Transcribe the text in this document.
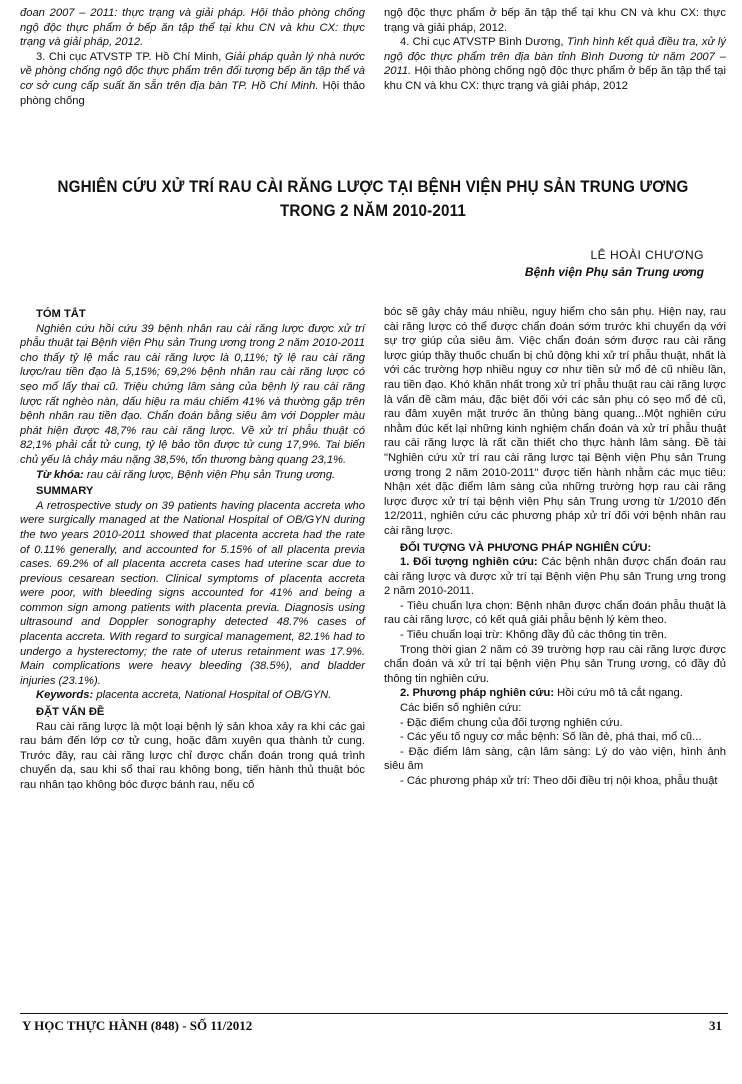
đoan 2007 – 2011: thực trạng và giải pháp. Hội thảo phòng chống ngộ độc thực phẩm ở bếp ăn tập thể tại khu CN và khu CX: thực trạng và giải pháp, 2012.

3. Chi cục ATVSTP TP. Hồ Chí Minh, Giải pháp quản lý nhà nước về phòng chống ngộ độc thực phẩm trên đối tượng bếp ăn tập thể và cơ sở cung cấp suất ăn sẵn trên địa bàn TP. Hồ Chí Minh. Hội thảo phòng chống

ngộ độc thực phẩm ở bếp ăn tập thể tại khu CN và khu CX: thực trạng và giải pháp, 2012.

4. Chi cục ATVSTP Bình Dương, Tình hình kết quả điều tra, xử lý ngộ độc thực phẩm trên địa bàn tỉnh Bình Dương từ năm 2007 – 2011. Hội thảo phòng chống ngộ độc thực phẩm ở bếp ăn tập thể tại khu CN và khu CX: thực trạng và giải pháp, 2012

NGHIÊN CỨU XỬ TRÍ RAU CÀI RĂNG LƯỢC TẠI BỆNH VIỆN PHỤ SẢN TRUNG ƯƠNG
TRONG 2 NĂM 2010-2011
LÊ HOÀI CHƯƠNG
Bệnh viện Phụ sản Trung ương

TÓM TẮT

Nghiên cứu hồi cứu 39 bệnh nhân rau cài răng lược được xử trí phẫu thuật tại Bệnh viện Phụ sản Trung ương trong 2 năm 2010-2011 cho thấy tỷ lệ mắc rau cài răng lược là 0,11%; tỷ lệ rau cài răng lược/rau tiền đạo là 5,15%; 69,2% bệnh nhân rau cài răng lược có sẹo mổ lấy thai cũ. Triệu chứng lâm sàng của bệnh lý rau cài răng lược rất nghèo nàn, dấu hiệu ra máu chiếm 41% và thường gặp trên bệnh nhân rau tiền đạo. Chẩn đoán bằng siêu âm với Doppler màu phát hiện được 48,7% rau cài răng lược. Về xử trí phẫu thuật có 82,1% phải cắt tử cung, tỷ lệ bảo tồn được tử cung 17,9%. Tai biến chủ yếu là chảy máu nặng 38,5%, tổn thương bàng quang 23,1%.

Từ khóa: rau cài răng lược, Bệnh viện Phụ sản Trung ương.

SUMMARY

A retrospective study on 39 patients having placenta accreta who were surgically managed at the National Hospital of OB/GYN during the two years 2010-2011 showed that placenta accreta had the rate of 0.11% generally, and accounted for 5.15% of all placenta previa cases. 69.2% of all placenta accreta cases had uterine scar due to previous cesarean section. Clinical symptoms of placenta accreta were poor, with bleeding signs accounted for 41% and being a common sign among patients with placenta previa. Diagnosis using ultrasound and Doppler sonography detected 48.7% cases of placenta accreta. With regard to surgical management, 82.1% had to undergo a hysterectomy; the rate of uterus retainment was 17.9%. Main complications were heavy bleeding (38.5%), and bladder injuries (23.1%).

Keywords: placenta accreta, National Hospital of OB/GYN.

ĐẶT VẤN ĐỀ

Rau cài răng lược là một loại bệnh lý sản khoa xảy ra khi các gai rau bám đến lớp cơ tử cung, hoặc đâm xuyên qua thành tử cung. Trước đây, rau cài răng lược chỉ được chẩn đoán trong quá trình chuyển dạ, sau khi sổ thai rau không bong, tiến hành thủ thuật bóc rau nhân tạo không bóc được bánh rau, nếu cố

bóc sẽ gây chảy máu nhiều, nguy hiểm cho sản phụ. Hiện nay, rau cài răng lược có thể được chẩn đoán sớm trước khi chuyển dạ với sự trợ giúp của siêu âm. Việc chẩn đoán sớm được rau cài răng lược giúp thầy thuốc chuẩn bị chủ động khi xử trí phẫu thuật, nhất là với các trường hợp nhiều nguy cơ như tiền sử mổ đẻ cũ nhiều lần, rau tiền đạo. Khó khăn nhất trong xử trí phẫu thuật rau cài răng lược là vấn đề cầm máu, đặc biệt đối với các sản phụ có sẹo mổ đẻ cũ, rau đâm xuyên mặt trước ăn thủng bàng quang...Một nghiên cứu nhằm đúc kết lại những kinh nghiệm chẩn đoán và xử trí phẫu thuật rau cài răng lược là rất cần thiết cho thực hành lâm sàng. Đề tài "Nghiên cứu xử trí rau cài răng lược tại Bệnh viện Phụ sản Trung ương trong 2 năm 2010-2011" được tiến hành nhằm các mục tiêu: Nhận xét đặc điểm lâm sàng của những trường hợp rau cài răng lược được xử trí tại bệnh viện Phụ sản Trung ương từ 1/2010 đến 12/2011, nghiên cứu các phương pháp xử trí đối với bệnh nhân rau cài răng lược.

ĐỐI TƯỢNG VÀ PHƯƠNG PHÁP NGHIÊN CỨU:

1. Đối tượng nghiên cứu: Các bệnh nhân được chẩn đoán rau cài răng lược và được xử trí tại Bệnh viện Phụ sản Trung ưng trong 2 năm 2010-2011.

- Tiêu chuẩn lựa chọn: Bệnh nhân được chẩn đoán phẫu thuật là rau cài răng lược, có kết quả giải phẫu bệnh lý kèm theo.

- Tiêu chuẩn loại trừ: Không đầy đủ các thông tin trên.

Trong thời gian 2 năm có 39 trường hợp rau cài răng lược được chẩn đoán và xử trí tại bệnh viện Phụ sản Trung ương, có đầy đủ thông tin nghiên cứu.

2. Phương pháp nghiên cứu: Hồi cứu mô tả cắt ngang.

Các biến số nghiên cứu:

- Đặc điểm chung của đối tượng nghiên cứu.

- Các yếu tố nguy cơ mắc bệnh: Số lần đẻ, phá thai, mổ cũ...

- Đặc điểm lâm sàng, cận lâm sàng: Lý do vào viện, hình ảnh siêu âm

- Các phương pháp xử trí: Theo dõi điều trị nội khoa, phẫu thuật

Y HỌC THỰC HÀNH (848) - SỐ 11/2012	31
